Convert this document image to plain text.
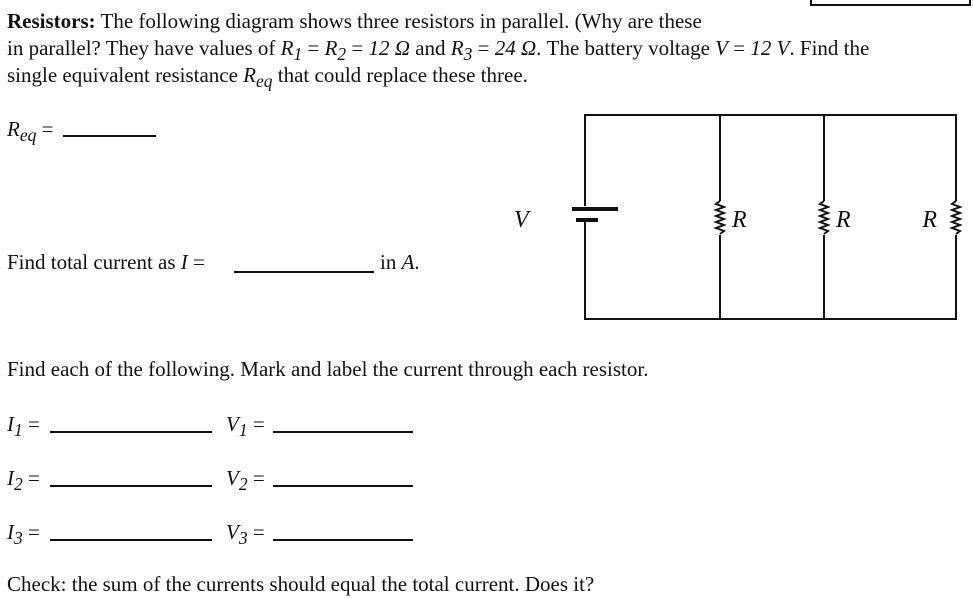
Resistors: The following diagram shows three resistors in parallel. (Why are these
in parallel? They have values of $R_1 = R_2 = 12$ Ω and $R_3 = 24$ Ω. The battery voltage V = 12 V. Find the
single equivalent resistance $R_{eq}$ that could replace these three.
$R_{eq}$ =
Find total current as I =	in A.
Find each of the following. Mark and label the current through each resistor.
$I_1$ =	$V_1$ =
$I_2$ =	$V_2$ =
$I_3$ =	$V_3$ =
Check: the sum of the currents should equal the total current. Does it?
V	R	R	R
